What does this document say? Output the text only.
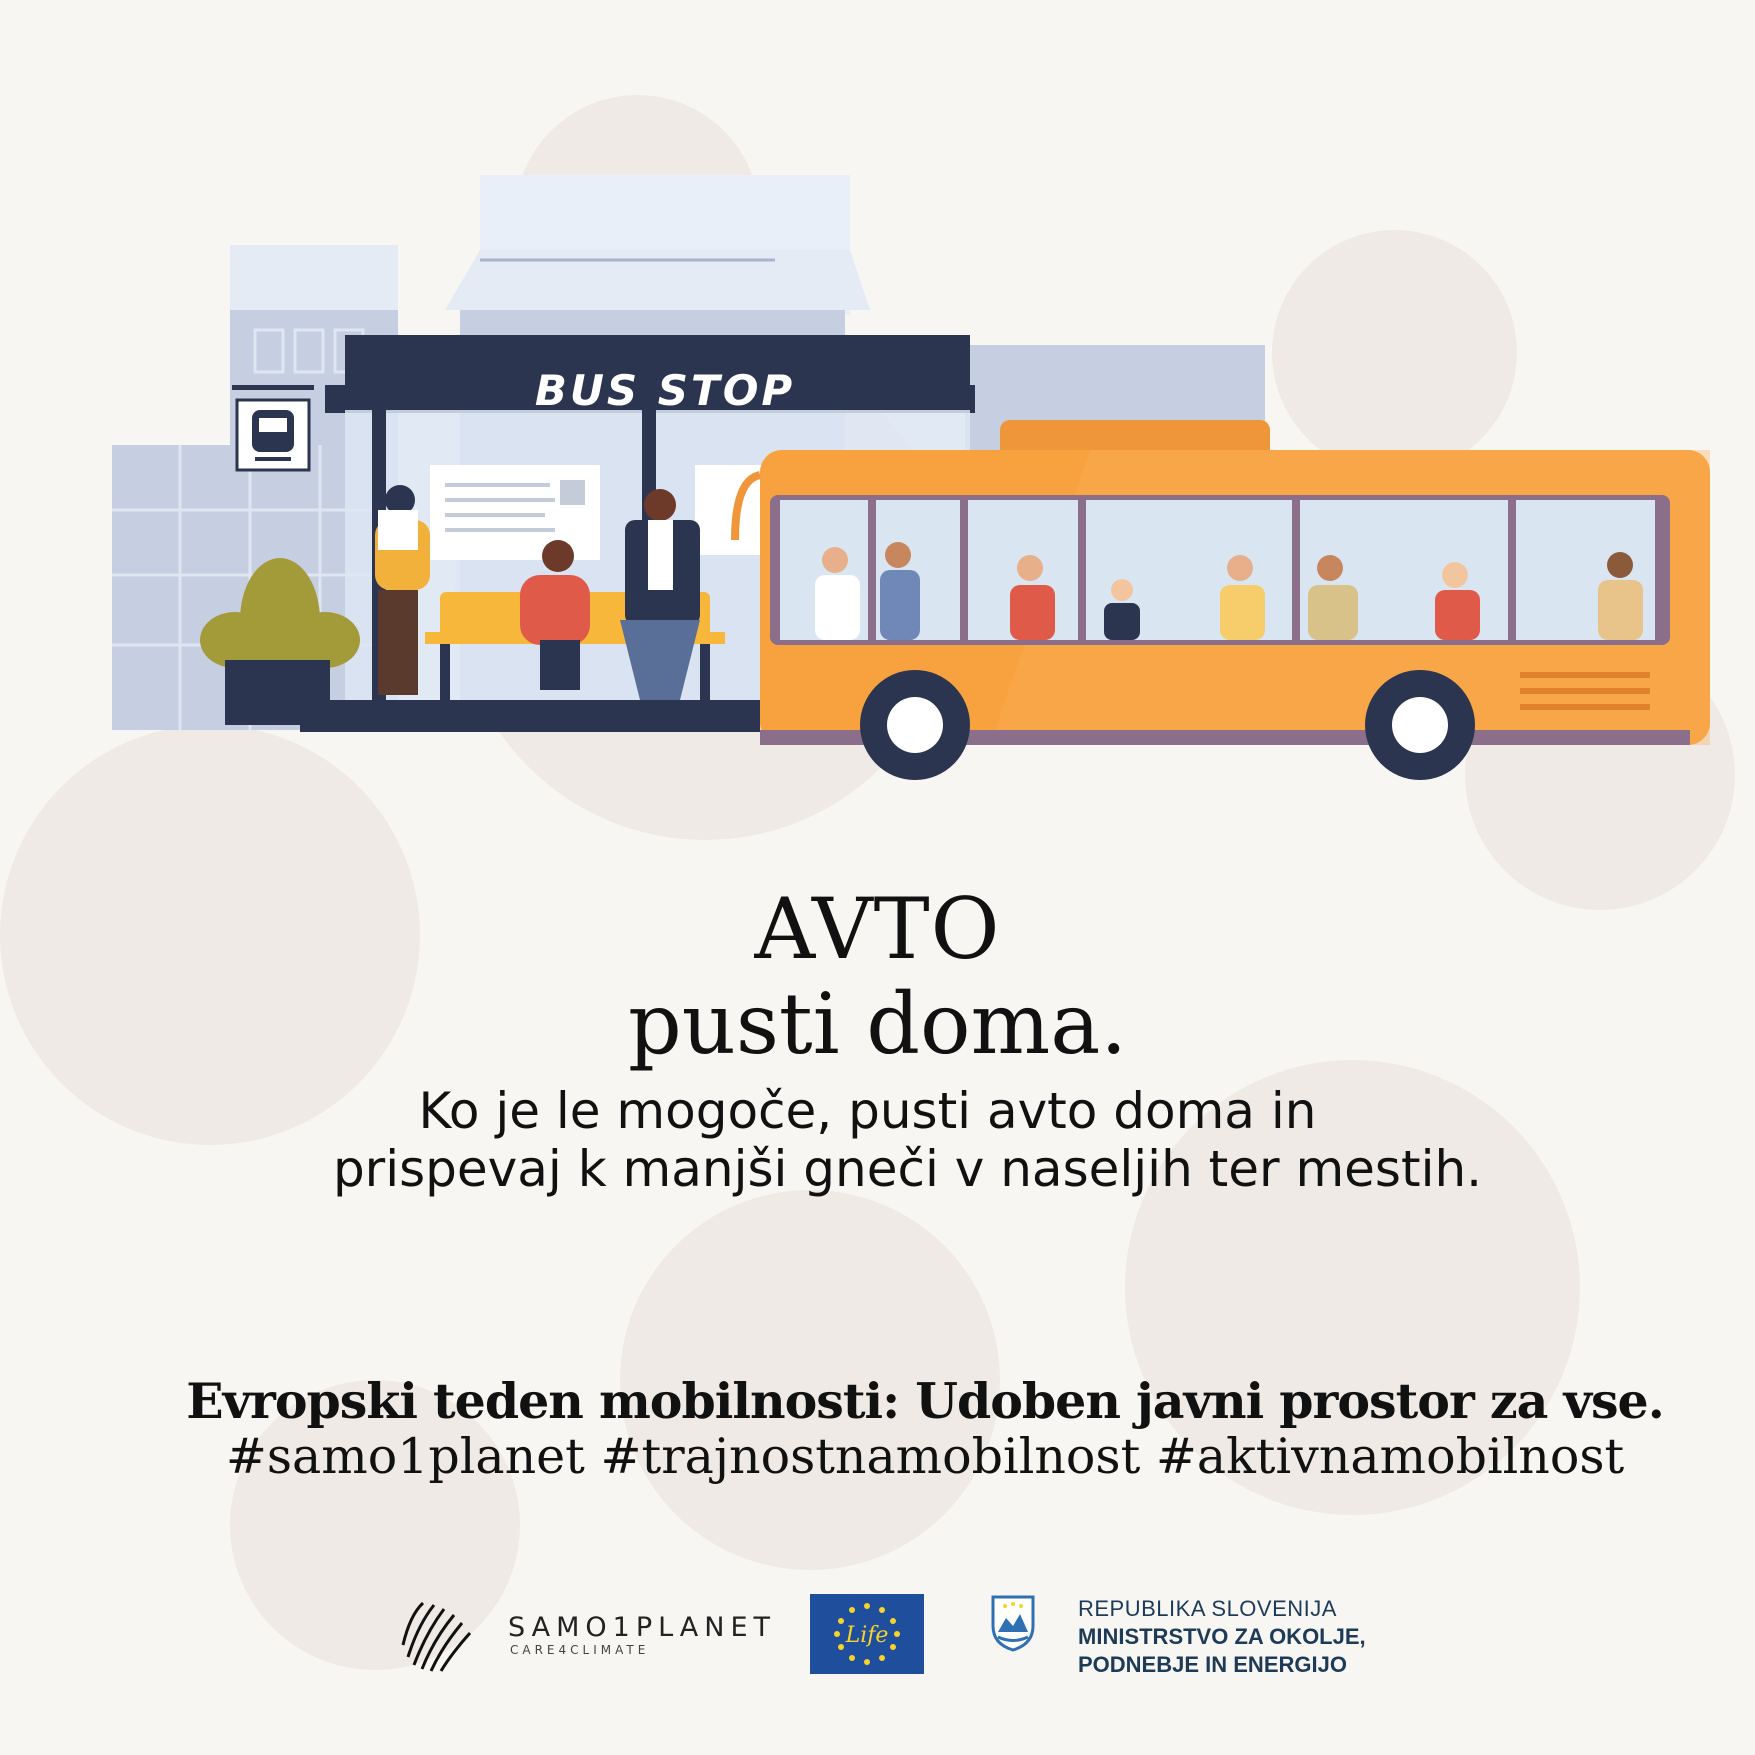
BUS STOP
AVTO
pusti doma.
Ko je le mogoče, pusti avto doma in
prispevaj k manjši gneči v naseljih ter mestih.
Evropski teden mobilnosti: Udoben javni prostor za vse.
#samo1planet #trajnostnamobilnost #aktivnamobilnost
SAMO1PLANET
CARE4CLIMATE
Life
REPUBLIKA SLOVENIJA
MINISTRSTVO ZA OKOLJE,
PODNEBJE IN ENERGIJO
